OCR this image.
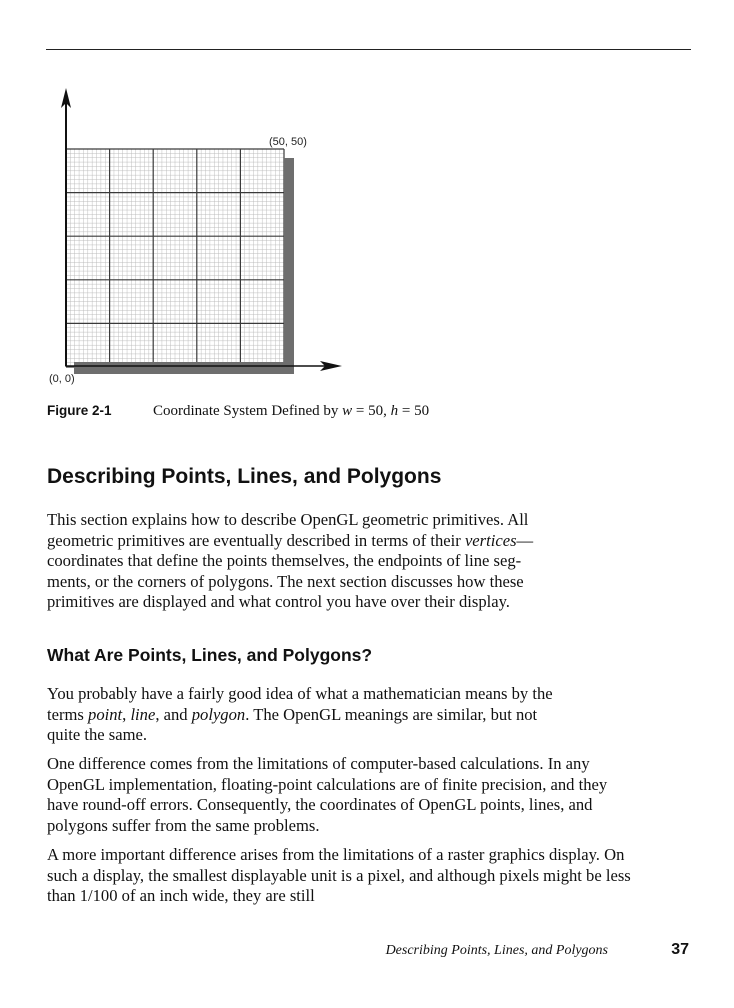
(50, 50)
(0, 0)
Figure 2-1	Coordinate System Defined by w = 50, h = 50
Describing Points, Lines, and Polygons

This section explains how to describe OpenGL geometric primitives. All
geometric primitives are eventually described in terms of their vertices—
coordinates that define the points themselves, the endpoints of line seg-
ments, or the corners of polygons. The next section discusses how these
primitives are displayed and what control you have over their display.

What Are Points, Lines, and Polygons?

You probably have a fairly good idea of what a mathematician means by the
terms point, line, and polygon. The OpenGL meanings are similar, but not
quite the same.

One difference comes from the limitations of computer-based calculations. In any OpenGL implementation, floating-point calculations are of finite precision, and they have round-off errors. Consequently, the coordinates of OpenGL points, lines, and polygons suffer from the same problems.

A more important difference arises from the limitations of a raster graphics display. On such a display, the smallest displayable unit is a pixel, and although pixels might be less than 1/100 of an inch wide, they are still

Describing Points, Lines, and Polygons	37
